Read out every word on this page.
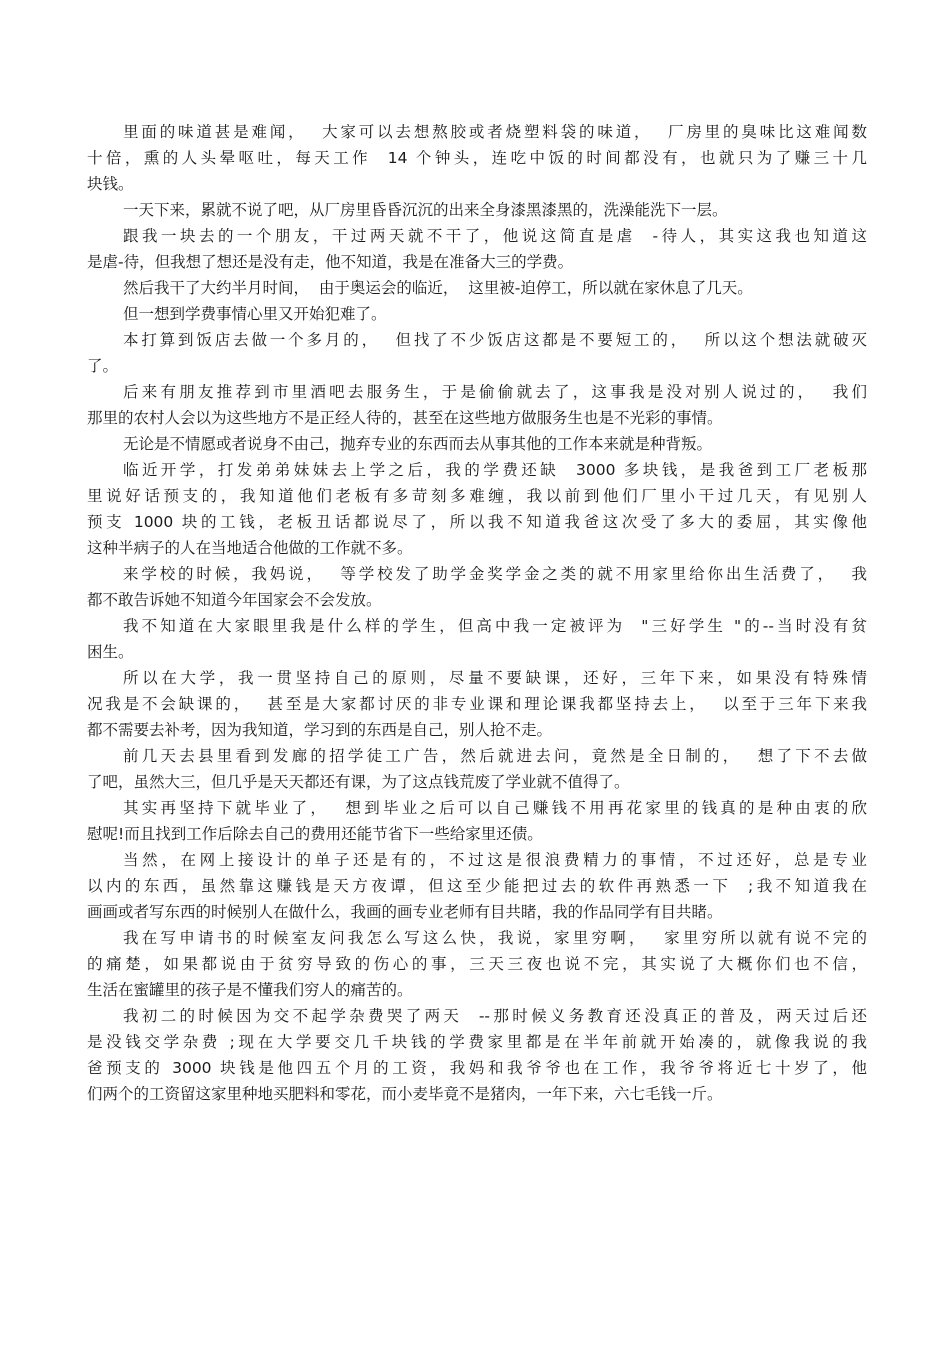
里面的味道甚是难闻，  大家可以去想熬胶或者烧塑料袋的味道，  厂房里的臭味比这难闻数
十倍，熏的人头晕呕吐，每天工作  14 个钟头，连吃中饭的时间都没有，也就只为了赚三十几
块钱。
一天下来，累就不说了吧，从厂房里昏昏沉沉的出来全身漆黑漆黑的，洗澡能洗下一层。
跟我一块去的一个朋友，干过两天就不干了，他说这简直是虐  -待人，其实这我也知道这
是虐-待，但我想了想还是没有走，他不知道，我是在准备大三的学费。
然后我干了大约半月时间，  由于奥运会的临近，  这里被-迫停工，所以就在家休息了几天。
但一想到学费事情心里又开始犯难了。
本打算到饭店去做一个多月的，  但找了不少饭店这都是不要短工的，  所以这个想法就破灭
了。
后来有朋友推荐到市里酒吧去服务生，于是偷偷就去了，这事我是没对别人说过的，  我们
那里的农村人会以为这些地方不是正经人待的，甚至在这些地方做服务生也是不光彩的事情。
无论是不情愿或者说身不由己，抛弃专业的东西而去从事其他的工作本来就是种背叛。
临近开学，打发弟弟妹妹去上学之后，我的学费还缺  3000 多块钱，是我爸到工厂老板那
里说好话预支的，我知道他们老板有多苛刻多难缠，我以前到他们厂里小干过几天，有见别人
预支 1000 块的工钱，老板丑话都说尽了，所以我不知道我爸这次受了多大的委屈，其实像他
这种半病子的人在当地适合他做的工作就不多。
来学校的时候，我妈说，  等学校发了助学金奖学金之类的就不用家里给你出生活费了，  我
都不敢告诉她不知道今年国家会不会发放。
我不知道在大家眼里我是什么样的学生，但高中我一定被评为  "三好学生 "的--当时没有贫
困生。
所以在大学，我一贯坚持自己的原则，尽量不要缺课，还好，三年下来，如果没有特殊情
况我是不会缺课的，  甚至是大家都讨厌的非专业课和理论课我都坚持去上，  以至于三年下来我
都不需要去补考，因为我知道，学习到的东西是自己，别人抢不走。
前几天去县里看到发廊的招学徒工广告，然后就进去问，竟然是全日制的，  想了下不去做
了吧，虽然大三，但几乎是天天都还有课，为了这点钱荒废了学业就不值得了。
其实再坚持下就毕业了，  想到毕业之后可以自己赚钱不用再花家里的钱真的是种由衷的欣
慰呢!而且找到工作后除去自己的费用还能节省下一些给家里还债。
当然，在网上接设计的单子还是有的，不过这是很浪费精力的事情，不过还好，总是专业
以内的东西，虽然靠这赚钱是天方夜谭，但这至少能把过去的软件再熟悉一下  ;我不知道我在
画画或者写东西的时候别人在做什么，我画的画专业老师有目共睹，我的作品同学有目共睹。
我在写申请书的时候室友问我怎么写这么快，我说，家里穷啊，  家里穷所以就有说不完的
的痛楚，如果都说由于贫穷导致的伤心的事，三天三夜也说不完，其实说了大概你们也不信，
生活在蜜罐里的孩子是不懂我们穷人的痛苦的。
我初二的时候因为交不起学杂费哭了两天  --那时候义务教育还没真正的普及，两天过后还
是没钱交学杂费 ;现在大学要交几千块钱的学费家里都是在半年前就开始凑的，就像我说的我
爸预支的 3000 块钱是他四五个月的工资，我妈和我爷爷也在工作，我爷爷将近七十岁了，他
们两个的工资留这家里种地买肥料和零花，而小麦毕竟不是猪肉，一年下来，六七毛钱一斤。
